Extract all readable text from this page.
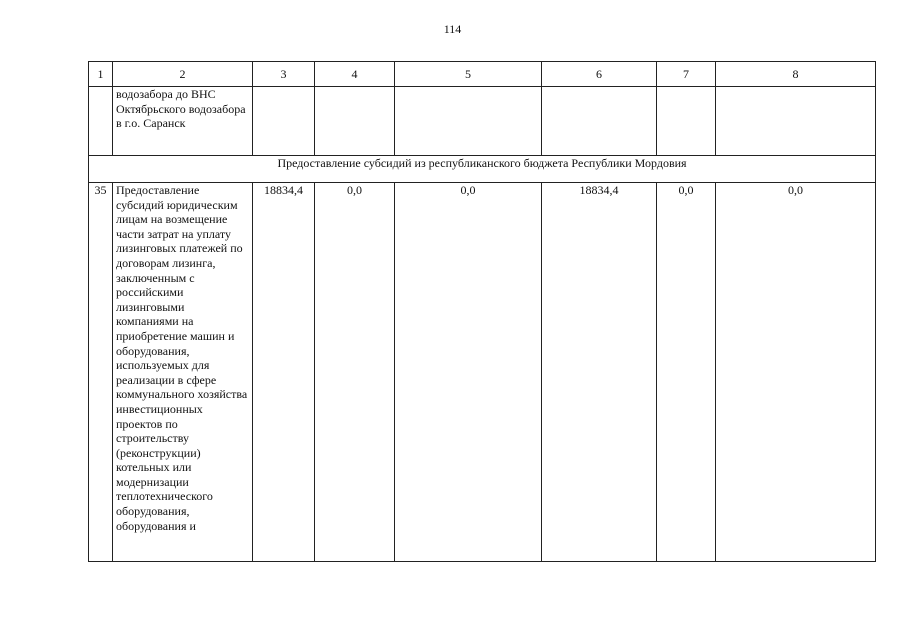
114
1	2	3	4	5	6	7	8
	водозабора до ВНС Октябрьского водозабора в г.о. Саранск						
Предоставление субсидий из республиканского бюджета Республики Мордовия							
35	Предоставление субсидий юридическим лицам на возмещение части затрат на уплату лизинговых платежей по договорам лизинга, заключенным с российскими лизинговыми компаниями на приобретение машин и оборудования, используемых для реализации в сфере коммунального хозяйства инвестиционных проектов по строительству (реконструкции) котельных или модернизации теплотехнического оборудования, оборудования и	18834,4	0,0	0,0	18834,4	0,0	0,0
